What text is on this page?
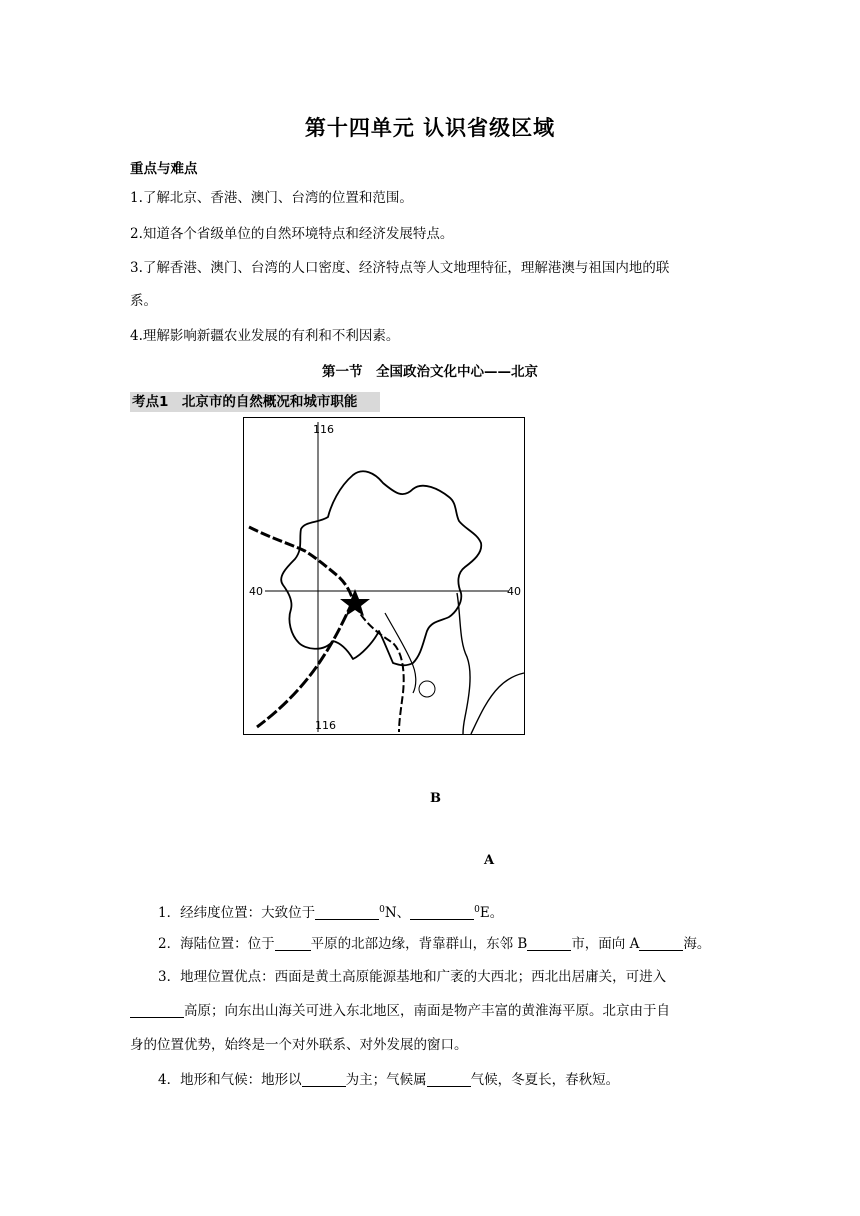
第十四单元 认识省级区域
重点与难点
1.了解北京、香港、澳门、台湾的位置和范围。
2.知道各个省级单位的自然环境特点和经济发展特点。
3.了解香港、澳门、台湾的人口密度、经济特点等人文地理特征，理解港澳与祖国内地的联
系。
4.理解影响新疆农业发展的有利和不利因素。
第一节　全国政治文化中心——北京
考点1　北京市的自然概况和城市职能
116
116
40	40
B
A
1．经纬度位置：大致位于	$^0$N、	$^0$E。
2．海陆位置：位于	平原的北部边缘，背靠群山，东邻 B	市，面向 A	海。
3．地理位置优点：西面是黄土高原能源基地和广袤的大西北；西北出居庸关，可进入
高原；向东出山海关可进入东北地区，南面是物产丰富的黄淮海平原。北京由于自
身的位置优势，始终是一个对外联系、对外发展的窗口。
4．地形和气候：地形以	为主；气候属	气候，冬夏长，春秋短。
